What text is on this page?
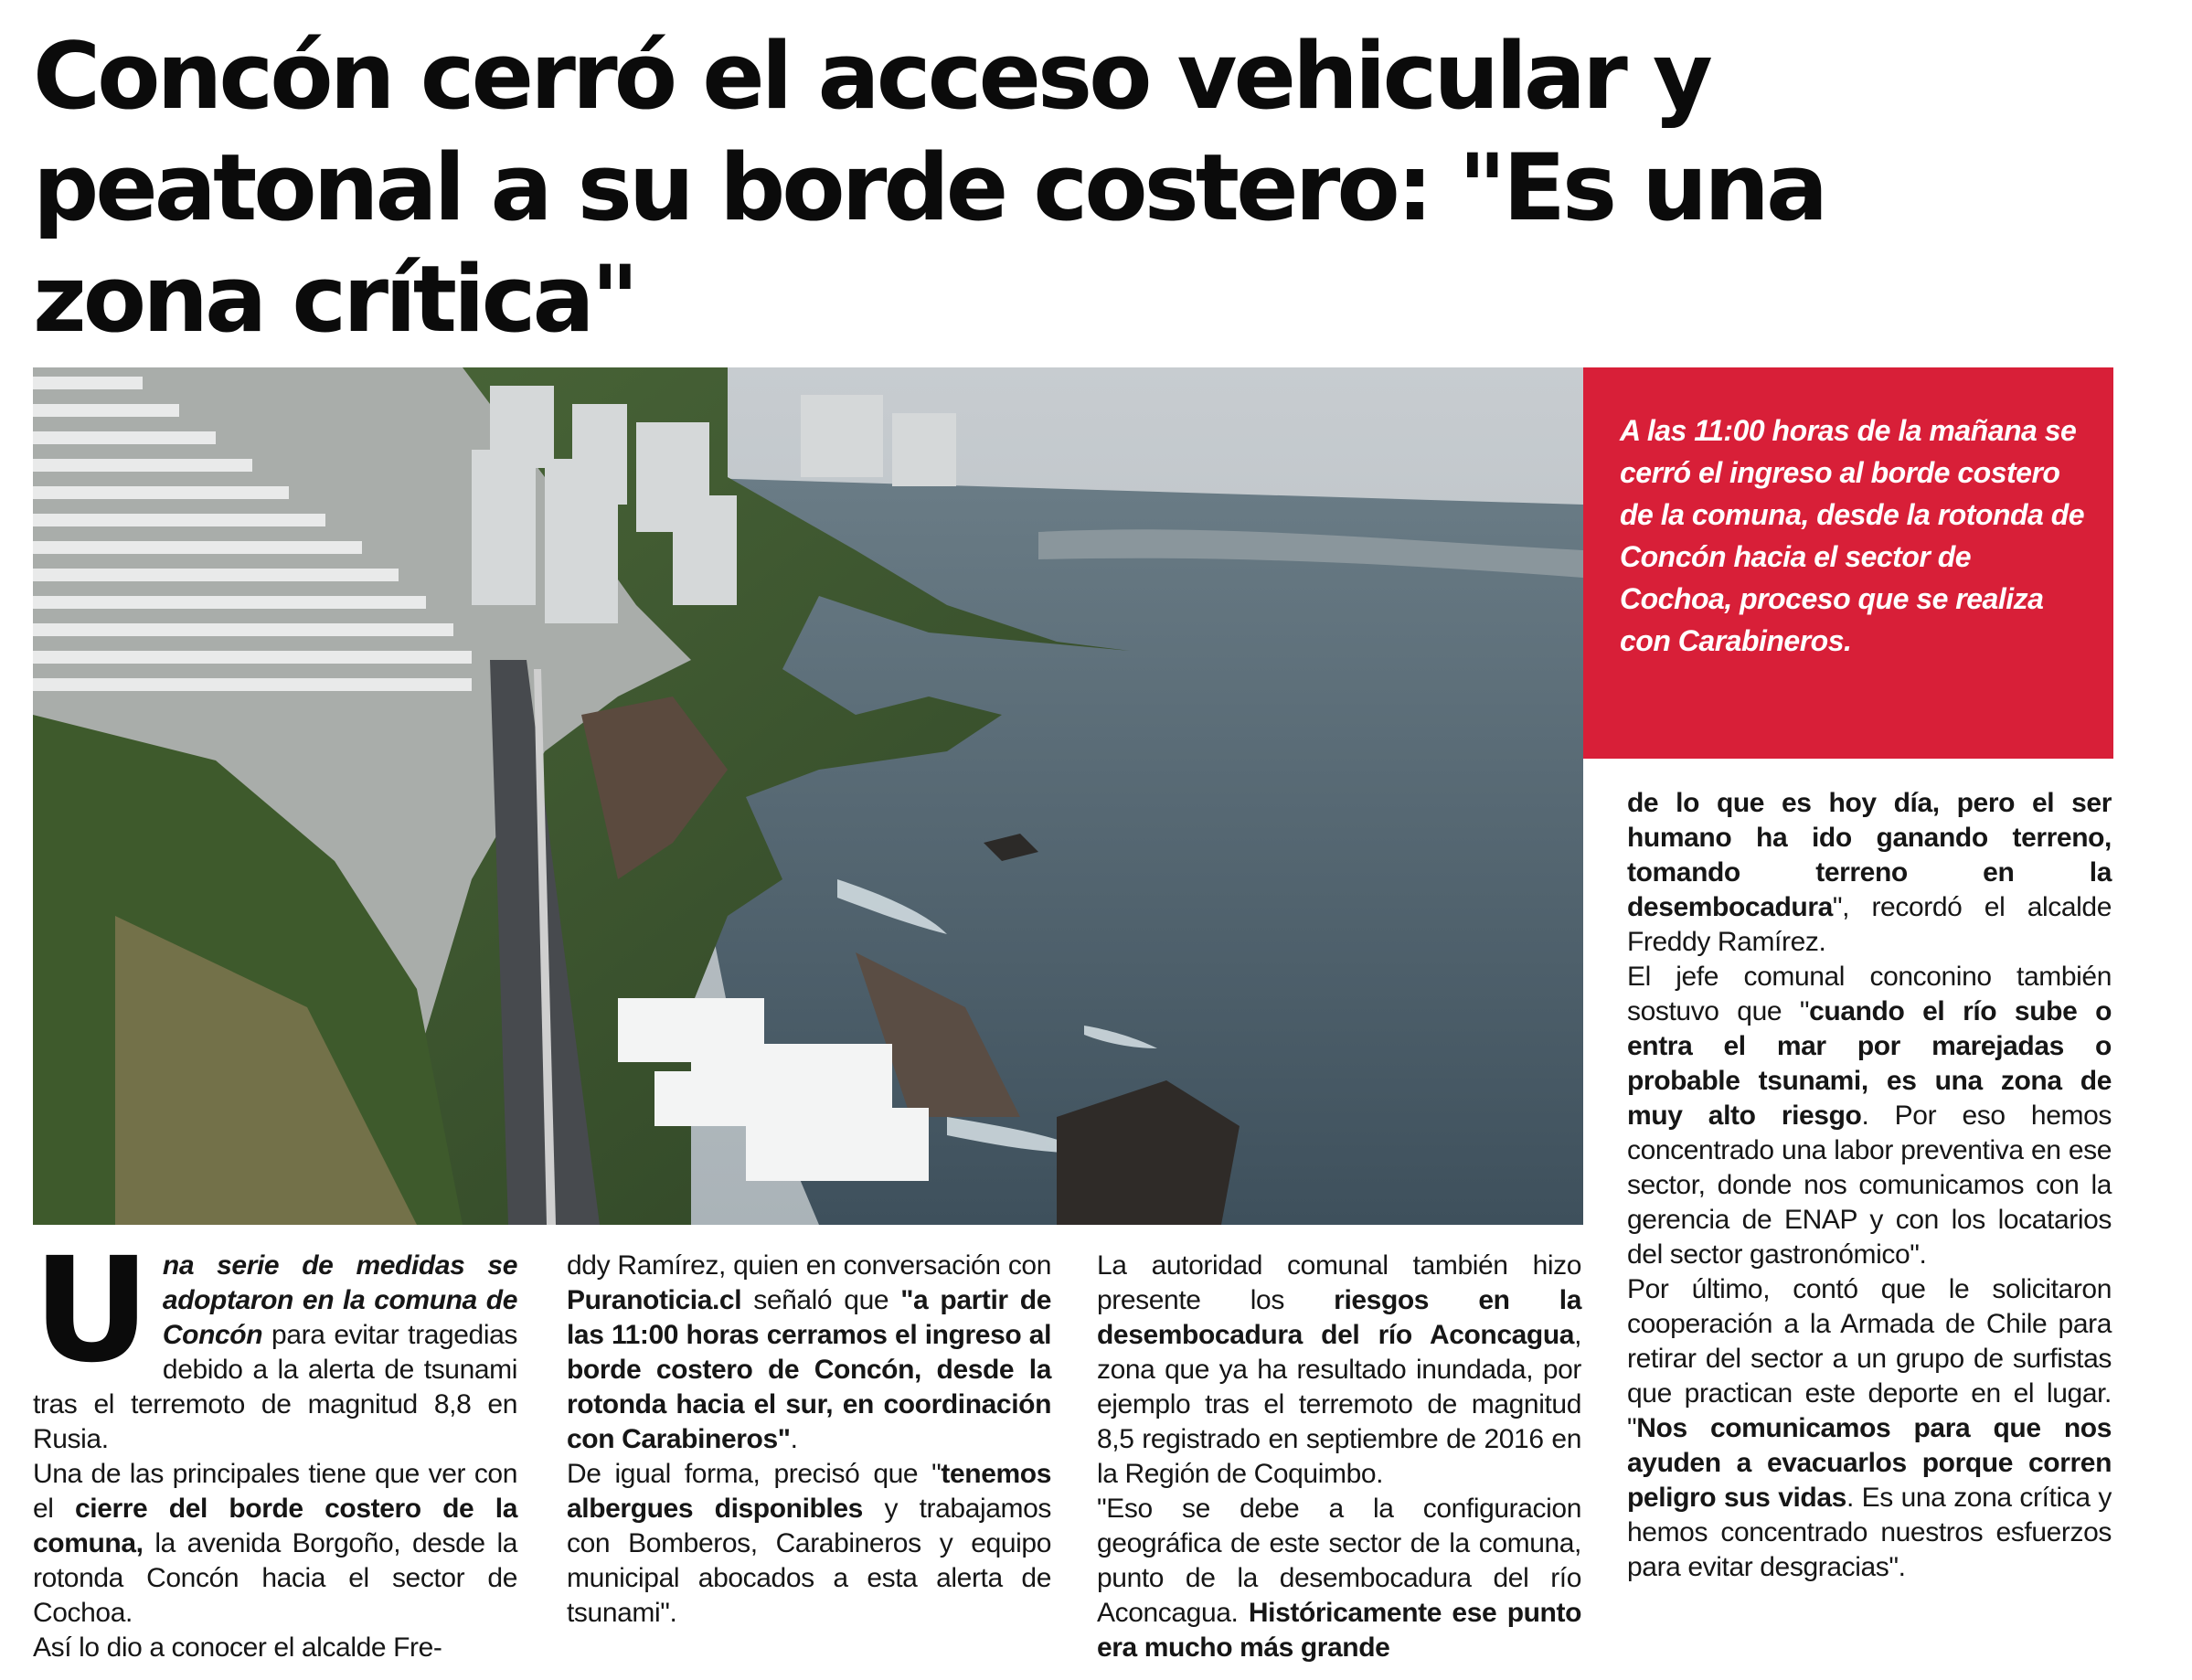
Concón cerró el acceso vehicular y peatonal a su borde costero: "Es una zona crítica"

A las 11:00 horas de la mañana se cerró el ingreso al borde costero de la comuna, desde la rotonda de Concón hacia el sector de Cochoa, proceso que se realiza con Carabineros.

Una serie de medidas se adoptaron en la comuna de Concón para evitar tragedias debido a la alerta de tsunami tras el terremoto de magnitud 8,8 en Rusia.

Una de las principales tiene que ver con el cierre del borde costero de la comuna, la avenida Borgoño, desde la rotonda Concón hacia el sector de Cochoa.

Así lo dio a conocer el alcalde Fre-

ddy Ramírez, quien en conversación con Puranoticia.cl señaló que "a partir de las 11:00 horas cerramos el ingreso al borde costero de Concón, desde la rotonda hacia el sur, en coordinación con Carabineros".

De igual forma, precisó que "tenemos albergues disponibles y trabajamos con Bomberos, Carabineros y equipo municipal abocados a esta alerta de tsunami".

La autoridad comunal también hizo presente los riesgos en la desembocadura del río Aconcagua, zona que ya ha resultado inundada, por ejemplo tras el terremoto de magnitud 8,5 registrado en septiembre de 2016 en la Región de Coquimbo.

"Eso se debe a la configuracion geográfica de este sector de la comuna, punto de la desembocadura del río Aconcagua. Históricamente ese punto era mucho más grande

de lo que es hoy día, pero el ser humano ha ido ganando terreno, tomando terreno en la desembocadura", recordó el alcalde Freddy Ramírez.

El jefe comunal conconino también sostuvo que "cuando el río sube o entra el mar por marejadas o probable tsunami, es una zona de muy alto riesgo. Por eso hemos concentrado una labor preventiva en ese sector, donde nos comunicamos con la gerencia de ENAP y con los locatarios del sector gastronómico".

Por último, contó que le solicitaron cooperación a la Armada de Chile para retirar del sector a un grupo de surfistas que practican este deporte en el lugar. "Nos comunicamos para que nos ayuden a evacuarlos porque corren peligro sus vidas. Es una zona crítica y hemos concentrado nuestros esfuerzos para evitar desgracias".
